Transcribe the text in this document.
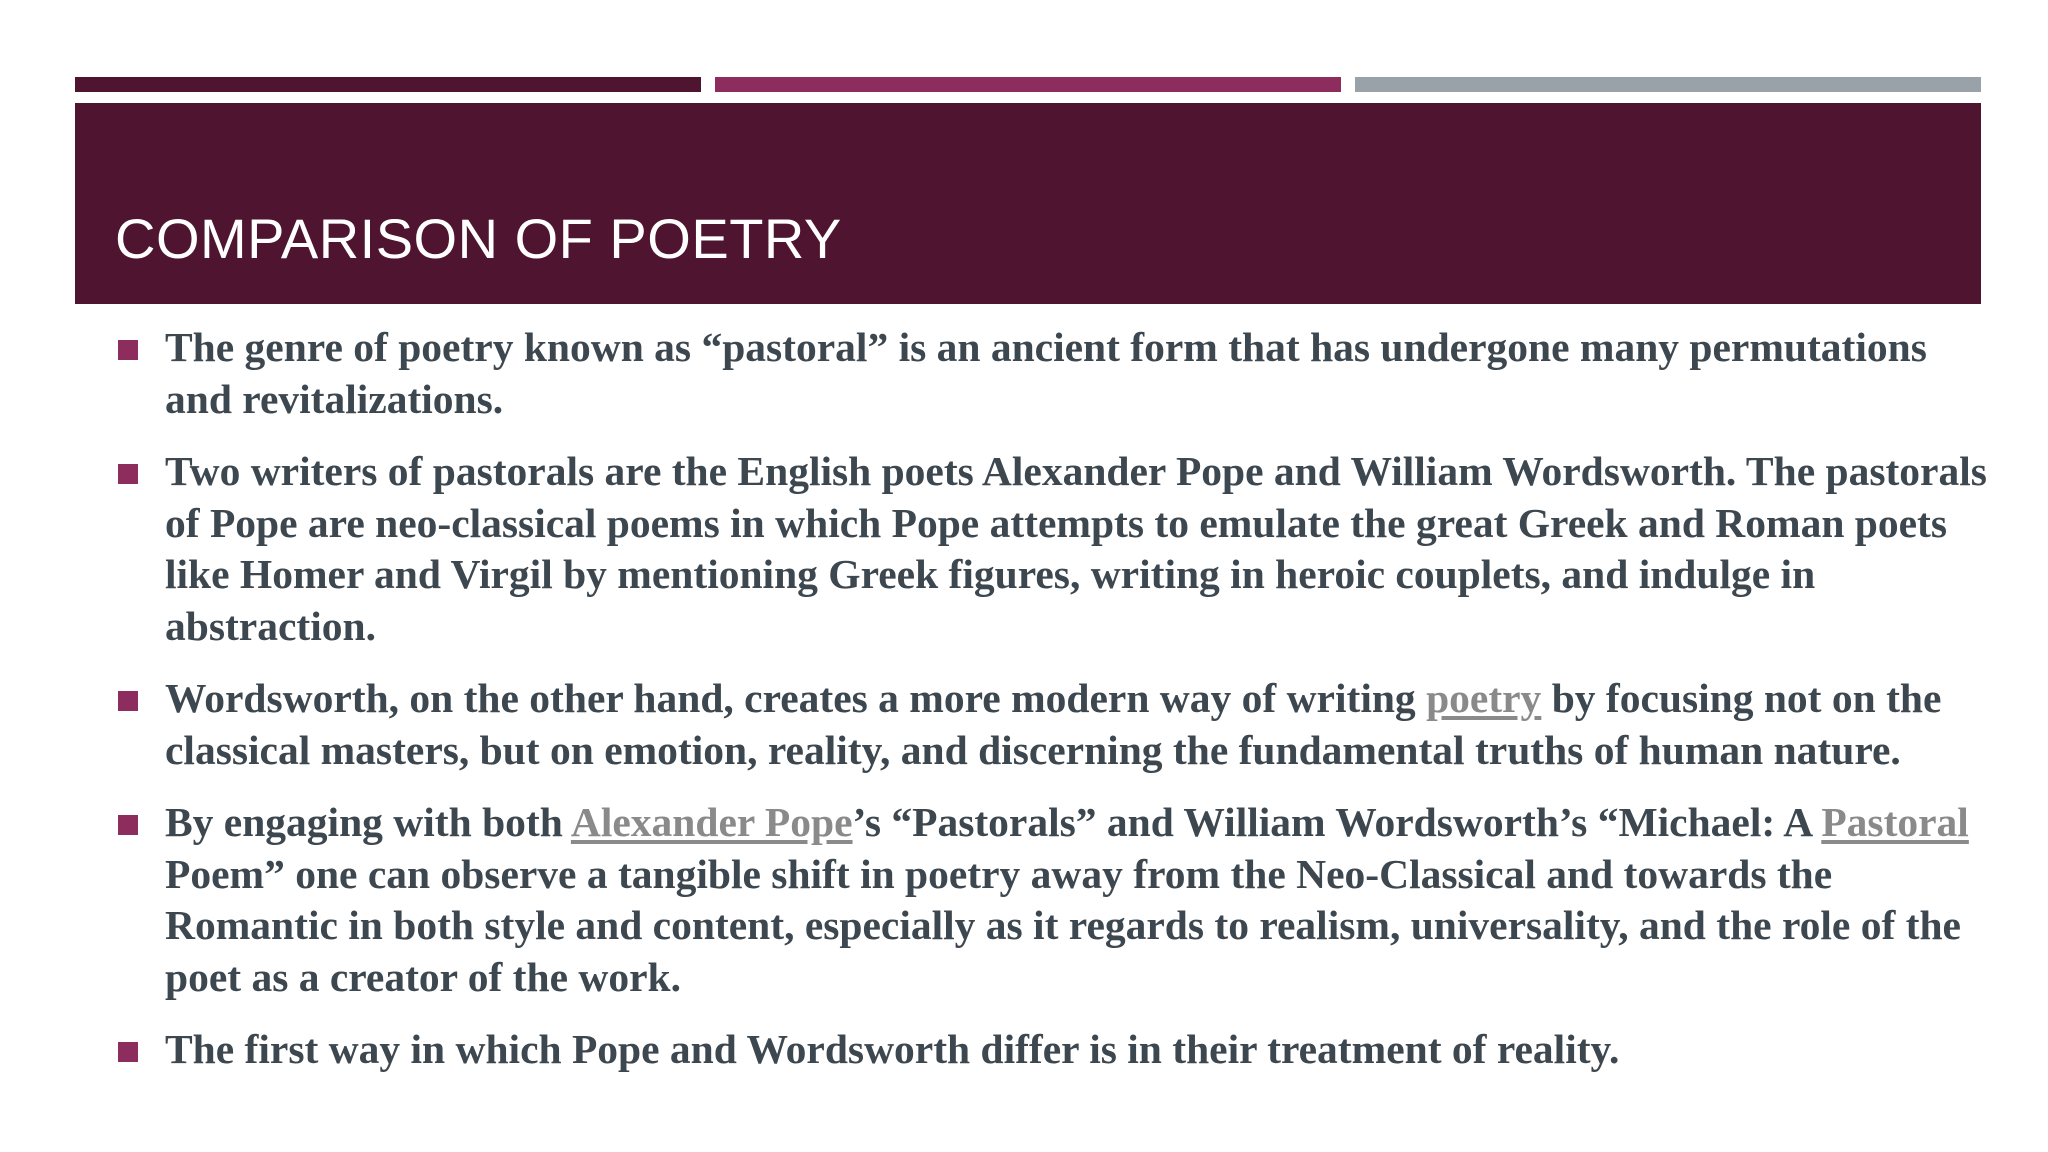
COMPARISON OF POETRY
The genre of poetry known as “pastoral” is an ancient form that has undergone many permutations and revitalizations.
Two writers of pastorals are the English poets Alexander Pope and William Wordsworth. The pastorals of Pope are neo-classical poems in which Pope attempts to emulate the great Greek and Roman poets like Homer and Virgil by mentioning Greek figures, writing in heroic couplets, and indulge in abstraction.
Wordsworth, on the other hand, creates a more modern way of writing poetry by focusing not on the classical masters, but on emotion, reality, and discerning the fundamental truths of human nature.
By engaging with both Alexander Pope’s “Pastorals” and William Wordsworth’s “Michael: A Pastoral Poem” one can observe a tangible shift in poetry away from the Neo-Classical and towards the Romantic in both style and content, especially as it regards to realism, universality, and the role of the poet as a creator of the work.
The first way in which Pope and Wordsworth differ is in their treatment of reality.
